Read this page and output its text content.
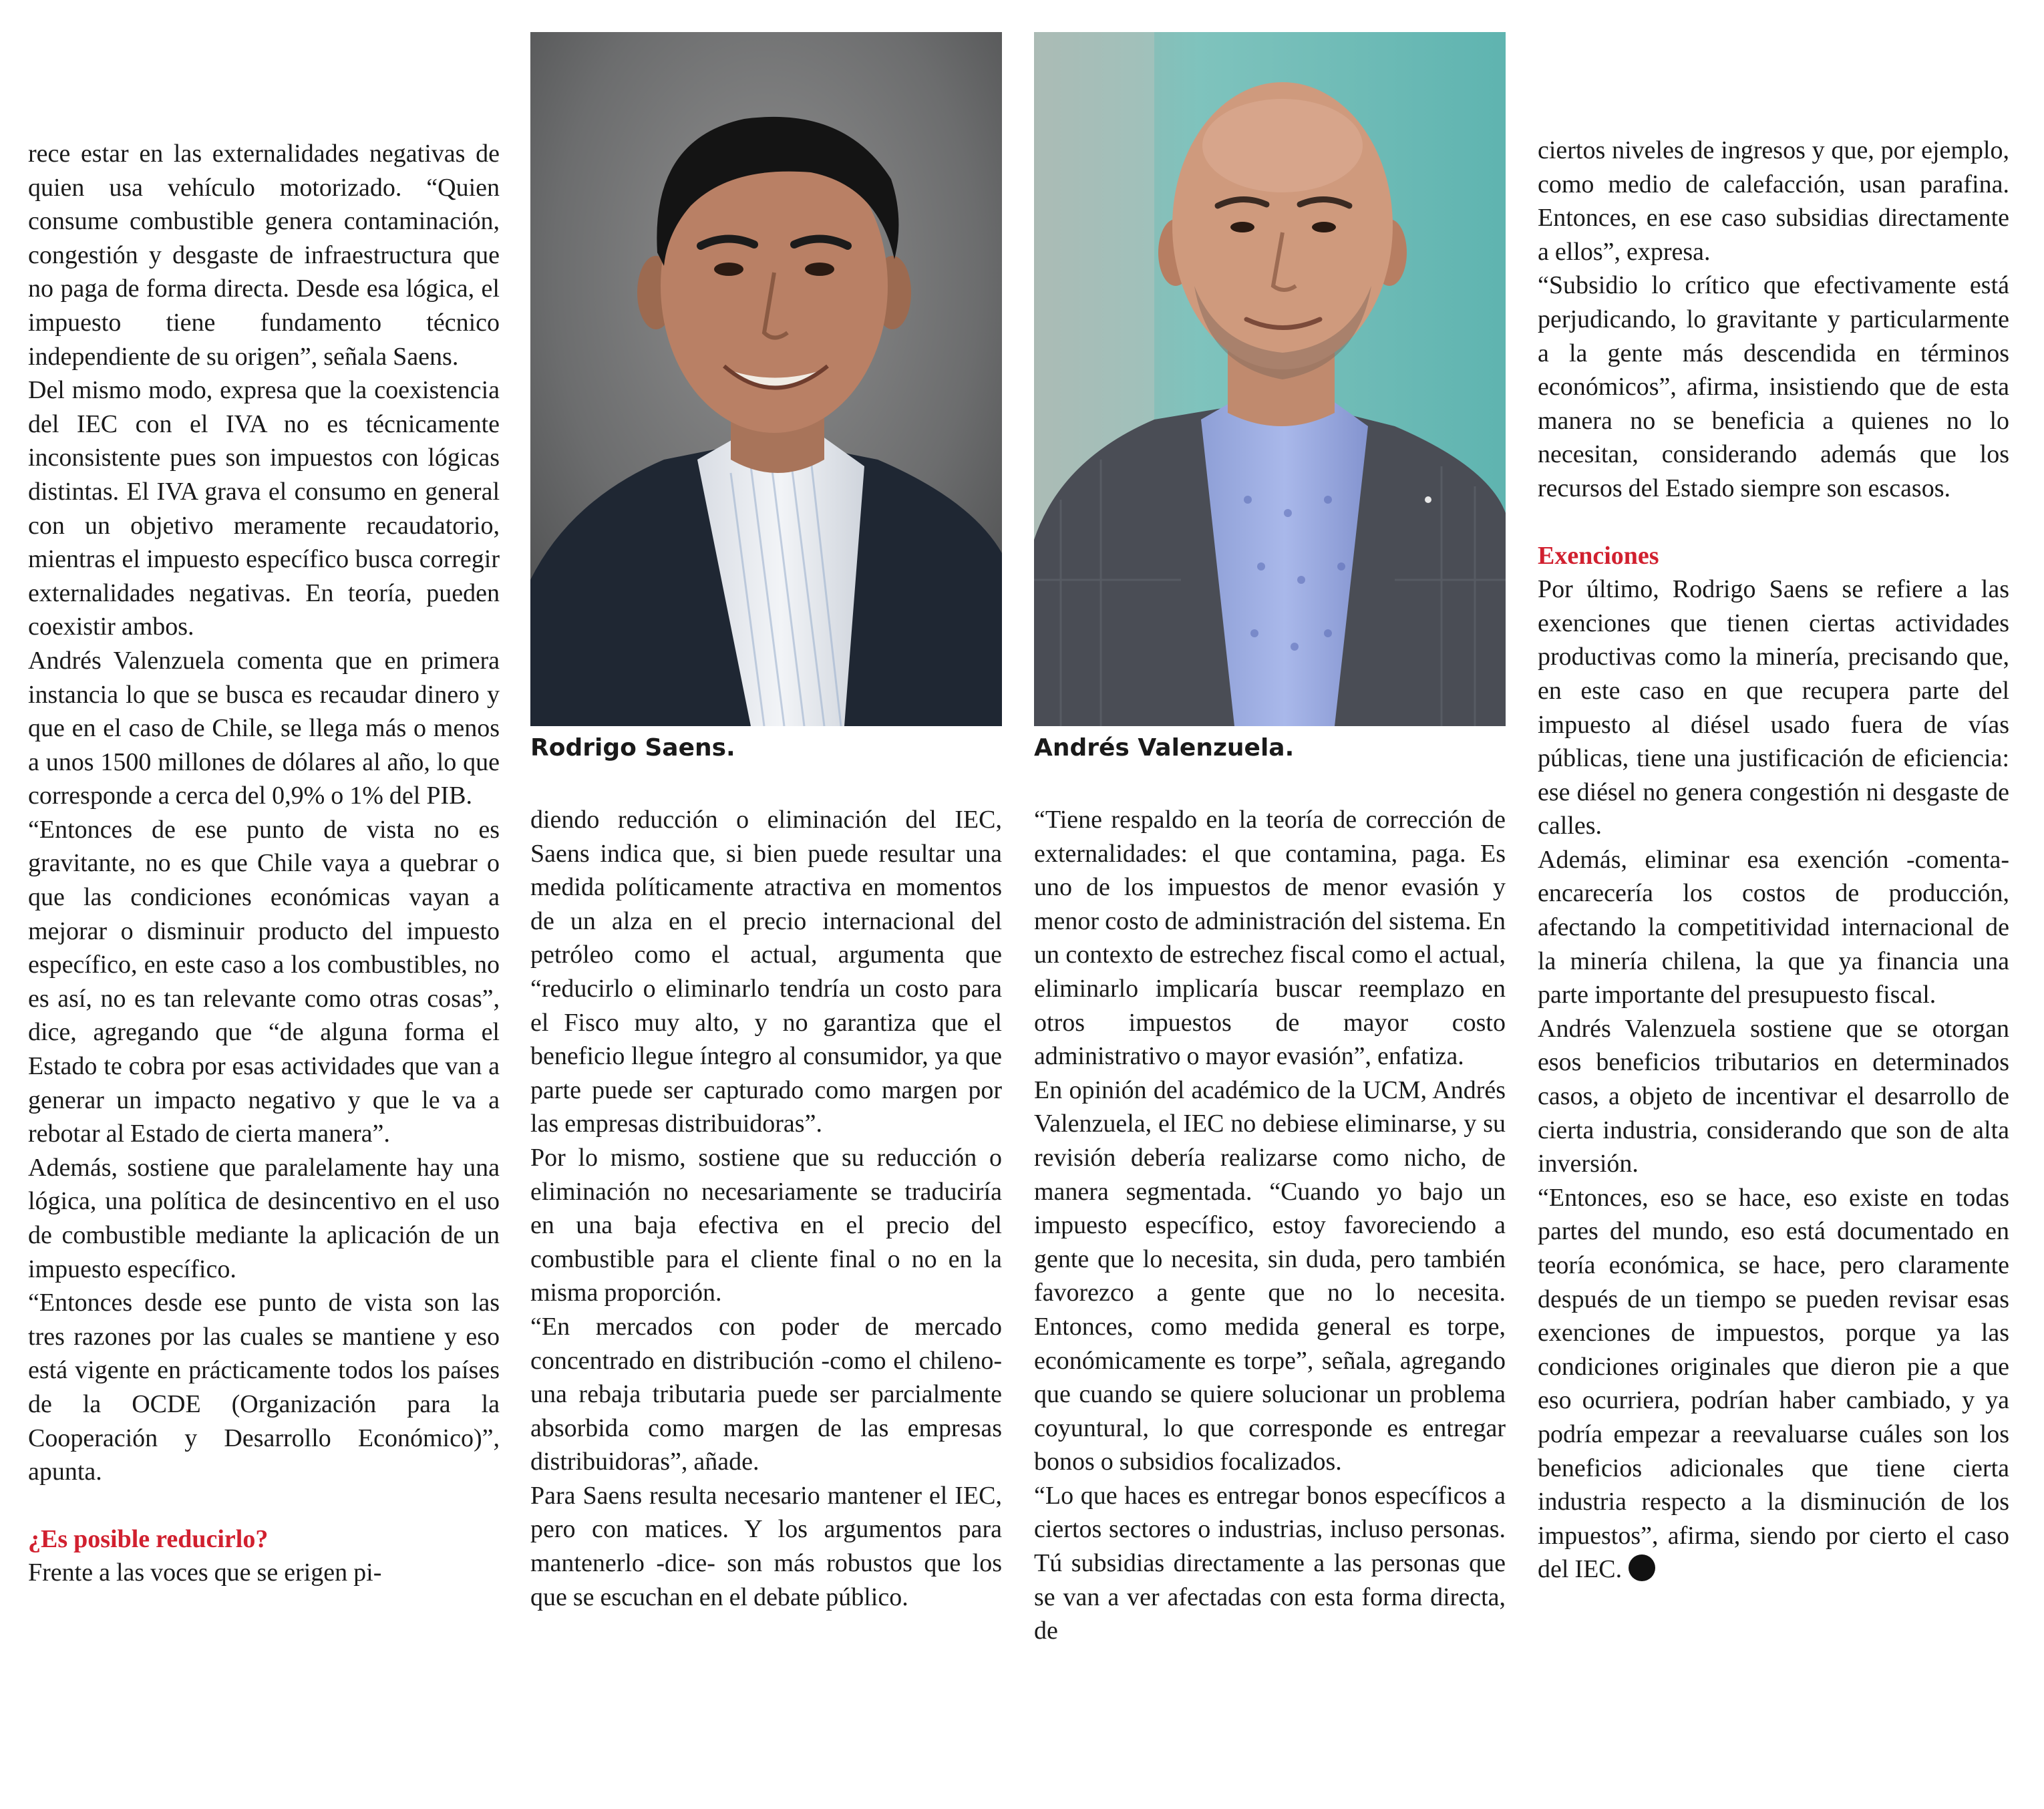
rece estar en las externalidades negativas de quien usa vehículo motorizado. “Quien consume combustible genera contaminación, congestión y desgaste de infraestructura que no paga de forma directa. Desde esa lógica, el impuesto tiene fundamento técnico independiente de su origen”, señala Saens.

Del mismo modo, expresa que la coexistencia del IEC con el IVA no es técnicamente inconsistente pues son impuestos con lógicas distintas. El IVA grava el consumo en general con un objetivo meramente recaudatorio, mientras el impuesto específico busca corregir externalidades negativas. En teoría, pueden coexistir ambos.

Andrés Valenzuela comenta que en primera instancia lo que se busca es recaudar dinero y que en el caso de Chile, se llega más o menos a unos 1500 millones de dólares al año, lo que corresponde a cerca del 0,9% o 1% del PIB.

“Entonces de ese punto de vista no es gravitante, no es que Chile vaya a quebrar o que las condiciones económicas vayan a mejorar o disminuir producto del impuesto específico, en este caso a los combustibles, no es así, no es tan relevante como otras cosas”, dice, agregando que “de alguna forma el Estado te cobra por esas actividades que van a generar un impacto negativo y que le va a rebotar al Estado de cierta manera”.

Además, sostiene que paralelamente hay una lógica, una política de desincentivo en el uso de combustible mediante la aplicación de un impuesto específico.

“Entonces desde ese punto de vista son las tres razones por las cuales se mantiene y eso está vigente en prácticamente todos los países de la OCDE (Organización para la Cooperación y Desarrollo Económico)”, apunta.

¿Es posible reducirlo?

Frente a las voces que se erigen pi-

Rodrigo Saens.	Andrés Valenzuela.

diendo reducción o eliminación del IEC, Saens indica que, si bien puede resultar una medida políticamente atractiva en momentos de un alza en el precio internacional del petróleo como el actual, argumenta que “reducirlo o eliminarlo tendría un costo para el Fisco muy alto, y no garantiza que el beneficio llegue íntegro al consumidor, ya que parte puede ser capturado como margen por las empresas distribuidoras”.

Por lo mismo, sostiene que su reducción o eliminación no necesariamente se traduciría en una baja efectiva en el precio del combustible para el cliente final o no en la misma proporción.

“En mercados con poder de mercado concentrado en distribución -como el chileno- una rebaja tributaria puede ser parcialmente absorbida como margen de las empresas distribuidoras”, añade.

Para Saens resulta necesario mantener el IEC, pero con matices. Y los argumentos para mantenerlo -dice- son más robustos que los que se escuchan en el debate público.

“Tiene respaldo en la teoría de corrección de externalidades: el que contamina, paga. Es uno de los impuestos de menor evasión y menor costo de administración del sistema. En un contexto de estrechez fiscal como el actual, eliminarlo implicaría buscar reemplazo en otros impuestos de mayor costo administrativo o mayor evasión”, enfatiza.

En opinión del académico de la UCM, Andrés Valenzuela, el IEC no debiese eliminarse, y su revisión debería realizarse como nicho, de manera segmentada. “Cuando yo bajo un impuesto específico, estoy favoreciendo a gente que lo necesita, sin duda, pero también favorezco a gente que no lo necesita. Entonces, como medida general es torpe, económicamente es torpe”, señala, agregando que cuando se quiere solucionar un problema coyuntural, lo que corresponde es entregar bonos o subsidios focalizados.

“Lo que haces es entregar bonos específicos a ciertos sectores o industrias, incluso personas. Tú subsidias directamente a las personas que se van a ver afectadas con esta forma directa, de

ciertos niveles de ingresos y que, por ejemplo, como medio de calefacción, usan parafina. Entonces, en ese caso subsidias directamente a ellos”, expresa.

“Subsidio lo crítico que efectivamente está perjudicando, lo gravitante y particularmente a la gente más descendida en términos económicos”, afirma, insistiendo que de esta manera no se beneficia a quienes no lo necesitan, considerando además que los recursos del Estado siempre son escasos.

Exenciones

Por último, Rodrigo Saens se refiere a las exenciones que tienen ciertas actividades productivas como la minería, precisando que, en este caso en que recupera parte del impuesto al diésel usado fuera de vías públicas, tiene una justificación de eficiencia: ese diésel no genera congestión ni desgaste de calles.

Además, eliminar esa exención -comenta- encarecería los costos de producción, afectando la competitividad internacional de la minería chilena, la que ya financia una parte importante del presupuesto fiscal.

Andrés Valenzuela sostiene que se otorgan esos beneficios tributarios en determinados casos, a objeto de incentivar el desarrollo de cierta industria, considerando que son de alta inversión.

“Entonces, eso se hace, eso existe en todas partes del mundo, eso está documentado en teoría económica, se hace, pero claramente después de un tiempo se pueden revisar esas exenciones de impuestos, porque ya las condiciones originales que dieron pie a que eso ocurriera, podrían haber cambiado, y ya podría empezar a reevaluarse cuáles son los beneficios adicionales que tiene cierta industria respecto a la disminución de los impuestos”, afirma, siendo por cierto el caso del IEC.
